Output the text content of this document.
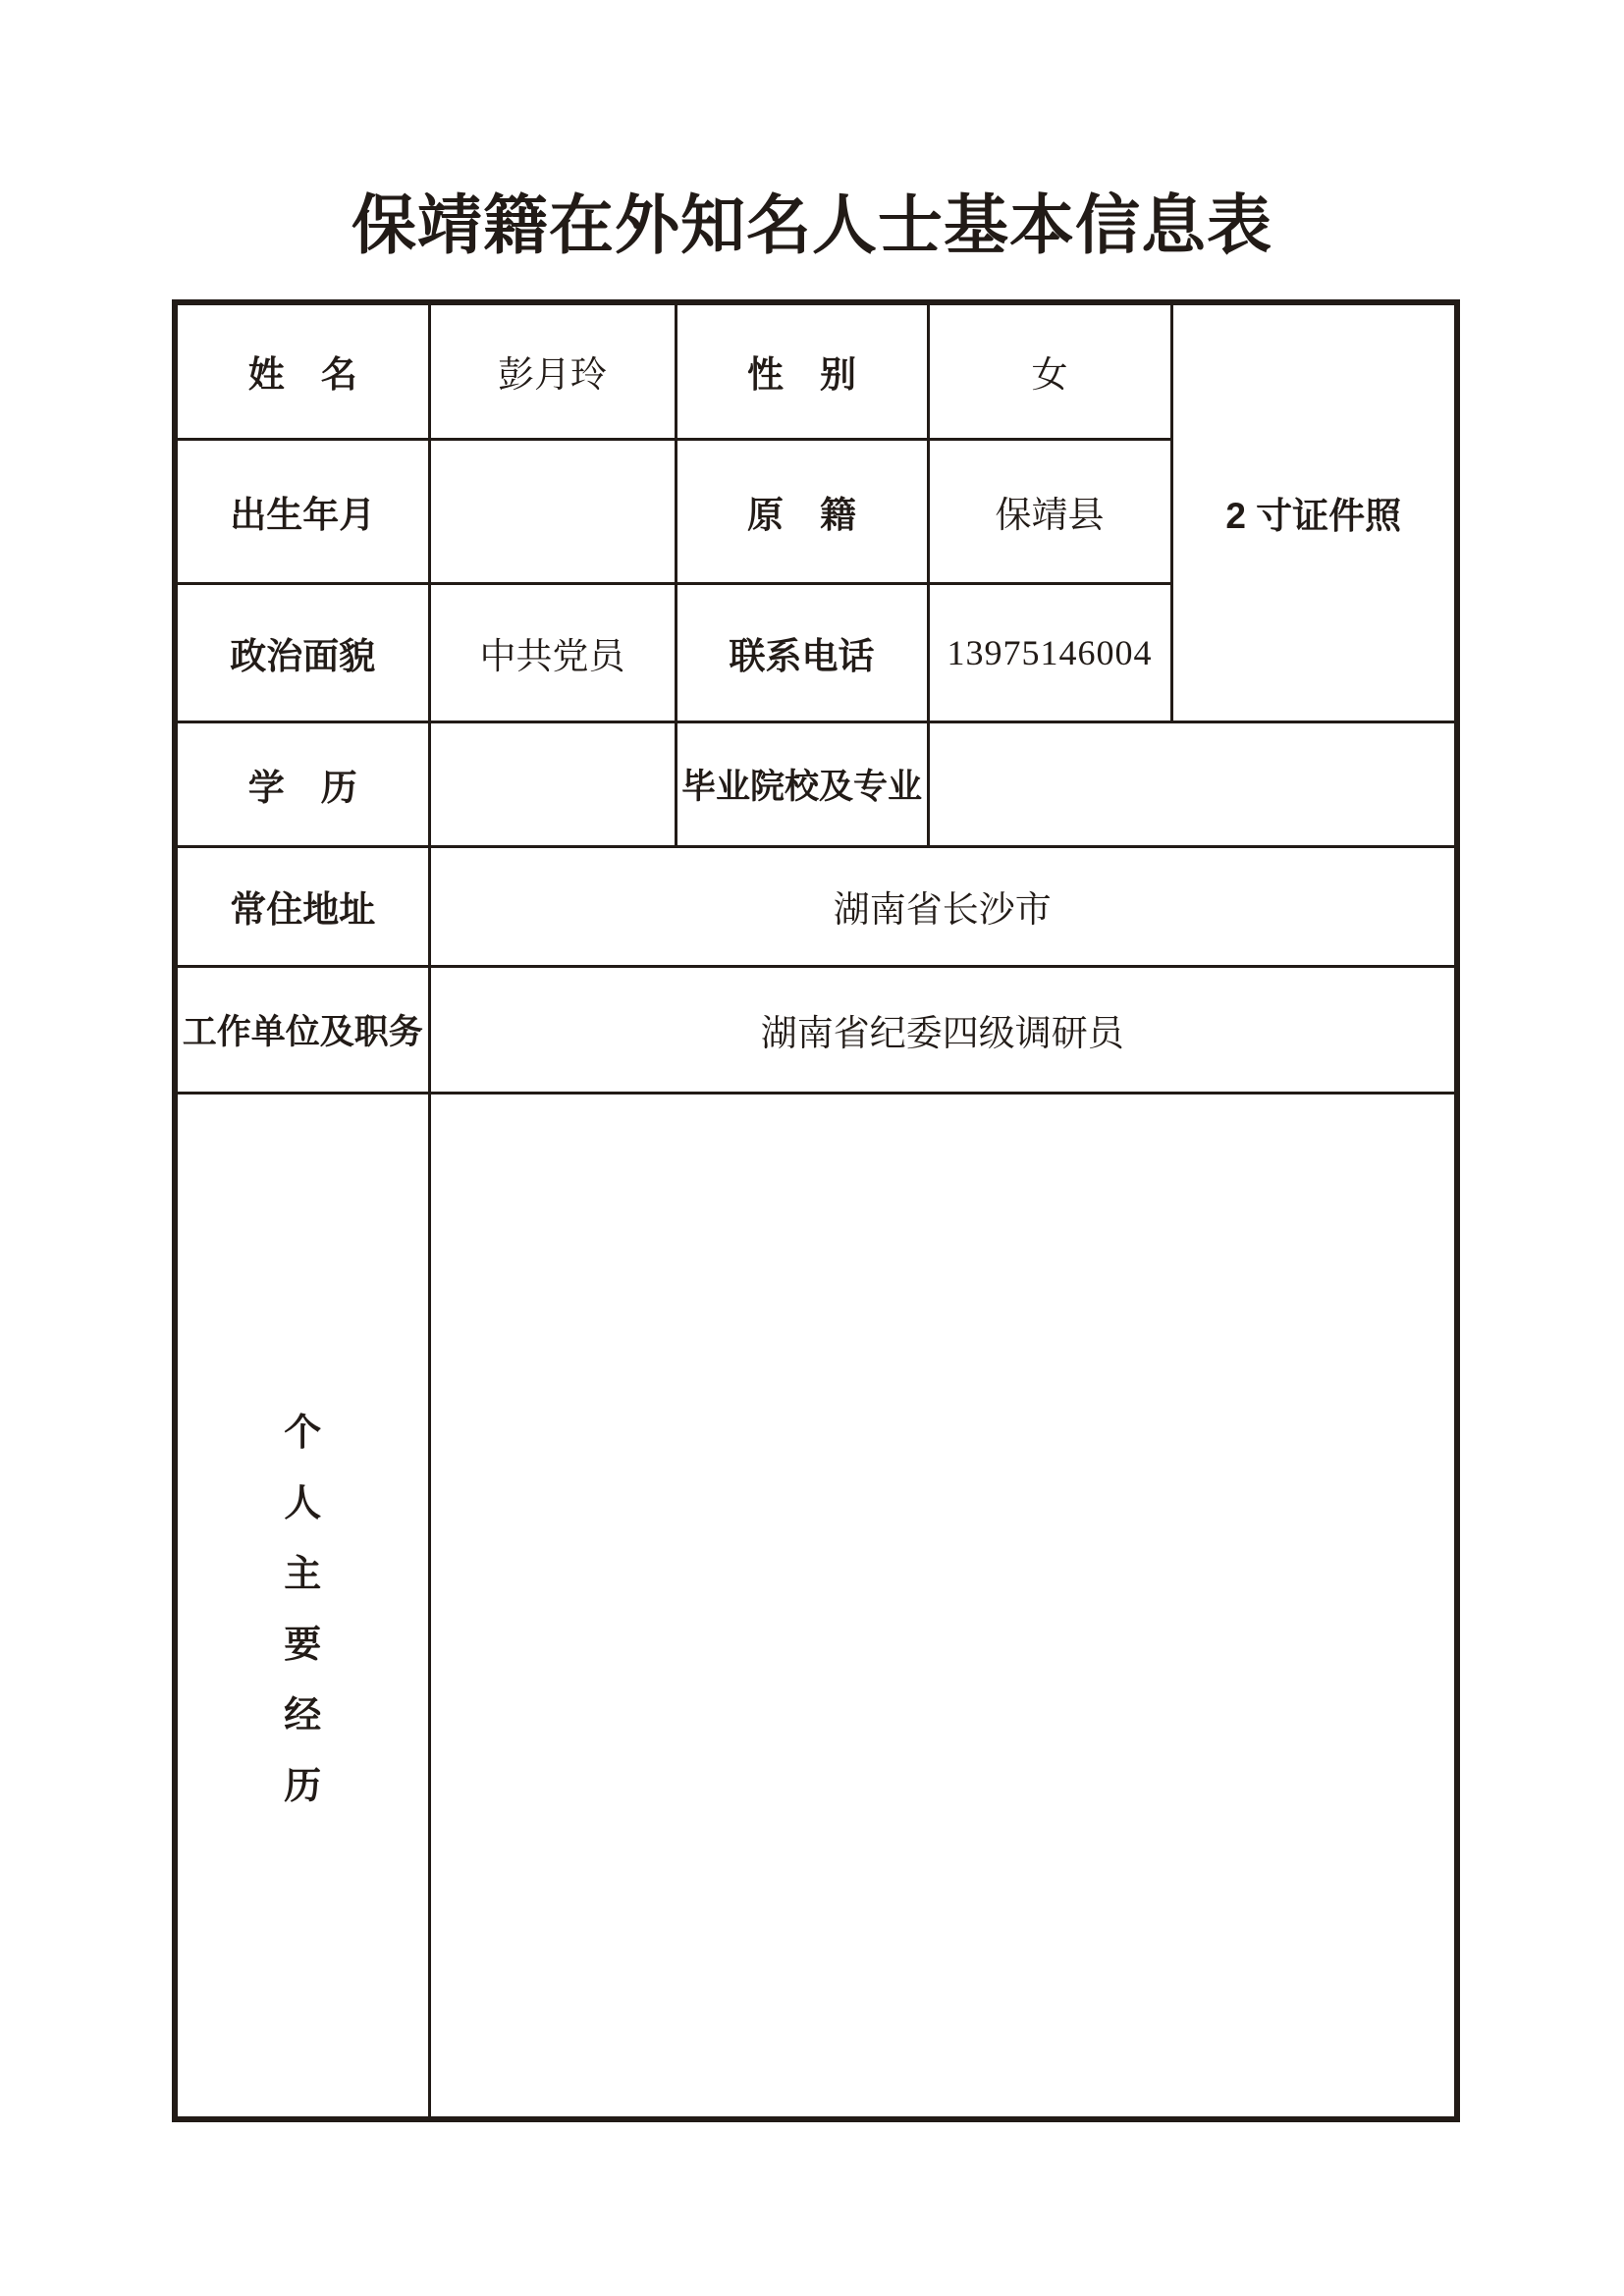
保靖籍在外知名人士基本信息表
姓　名	彭月玲	性　别	女	2 寸证件照
出生年月		原　籍	保靖县	
政治面貌	中共党员	联系电话	13975146004	
学　历		毕业院校及专业		
常住地址	湖南省长沙市			
工作单位及职务	湖南省纪委四级调研员			

个
人
主
要
经
历
